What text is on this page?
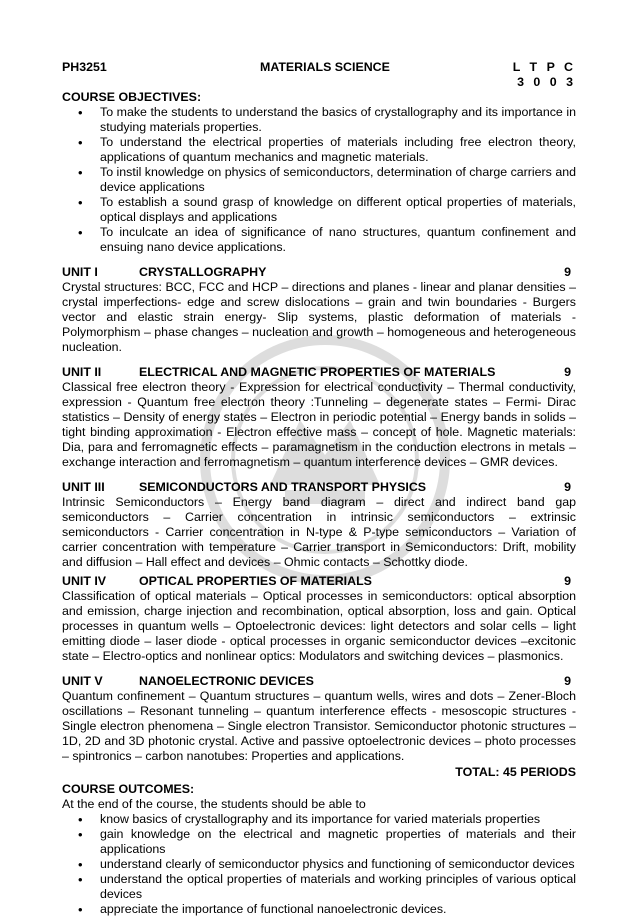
PH3251	MATERIALS SCIENCE	L T P C
3 0 0 3
COURSE OBJECTIVES:
• To make the students to understand the basics of crystallography and its importance in studying materials properties.
• To understand the electrical properties of materials including free electron theory, applications of quantum mechanics and magnetic materials.
• To instil knowledge on physics of semiconductors, determination of charge carriers and device applications
• To establish a sound grasp of knowledge on different optical properties of materials, optical displays and applications
• To inculcate an idea of significance of nano structures, quantum confinement and ensuing nano device applications.
UNIT I	CRYSTALLOGRAPHY	9
Crystal structures: BCC, FCC and HCP – directions and planes - linear and planar densities – crystal imperfections- edge and screw dislocations – grain and twin boundaries - Burgers vector and elastic strain energy- Slip systems, plastic deformation of materials - Polymorphism – phase changes – nucleation and growth – homogeneous and heterogeneous nucleation.
UNIT II	ELECTRICAL AND MAGNETIC PROPERTIES OF MATERIALS	9
Classical free electron theory - Expression for electrical conductivity – Thermal conductivity, expression - Quantum free electron theory :Tunneling – degenerate states – Fermi- Dirac statistics – Density of energy states – Electron in periodic potential – Energy bands in solids – tight binding approximation - Electron effective mass – concept of hole. Magnetic materials: Dia, para and ferromagnetic effects – paramagnetism in the conduction electrons in metals – exchange interaction and ferromagnetism – quantum interference devices – GMR devices.
UNIT III	SEMICONDUCTORS AND TRANSPORT PHYSICS	9
Intrinsic Semiconductors – Energy band diagram – direct and indirect band gap semiconductors – Carrier concentration in intrinsic semiconductors – extrinsic semiconductors - Carrier concentration in N-type & P-type semiconductors – Variation of carrier concentration with temperature – Carrier transport in Semiconductors: Drift, mobility and diffusion – Hall effect and devices – Ohmic contacts – Schottky diode.
UNIT IV	OPTICAL PROPERTIES OF MATERIALS	9
Classification of optical materials – Optical processes in semiconductors: optical absorption and emission, charge injection and recombination, optical absorption, loss and gain. Optical processes in quantum wells – Optoelectronic devices: light detectors and solar cells – light emitting diode – laser diode - optical processes in organic semiconductor devices –excitonic state – Electro-optics and nonlinear optics: Modulators and switching devices – plasmonics.
UNIT V	NANOELECTRONIC DEVICES	9
Quantum confinement – Quantum structures – quantum wells, wires and dots – Zener-Bloch oscillations – Resonant tunneling – quantum interference effects - mesoscopic structures - Single electron phenomena – Single electron Transistor. Semiconductor photonic structures – 1D, 2D and 3D photonic crystal. Active and passive optoelectronic devices – photo processes – spintronics – carbon nanotubes: Properties and applications.
TOTAL: 45 PERIODS
COURSE OUTCOMES:
At the end of the course, the students should be able to
• know basics of crystallography and its importance for varied materials properties
• gain knowledge on the electrical and magnetic properties of materials and their applications
• understand clearly of semiconductor physics and functioning of semiconductor devices
• understand the optical properties of materials and working principles of various optical devices
• appreciate the importance of functional nanoelectronic devices.
